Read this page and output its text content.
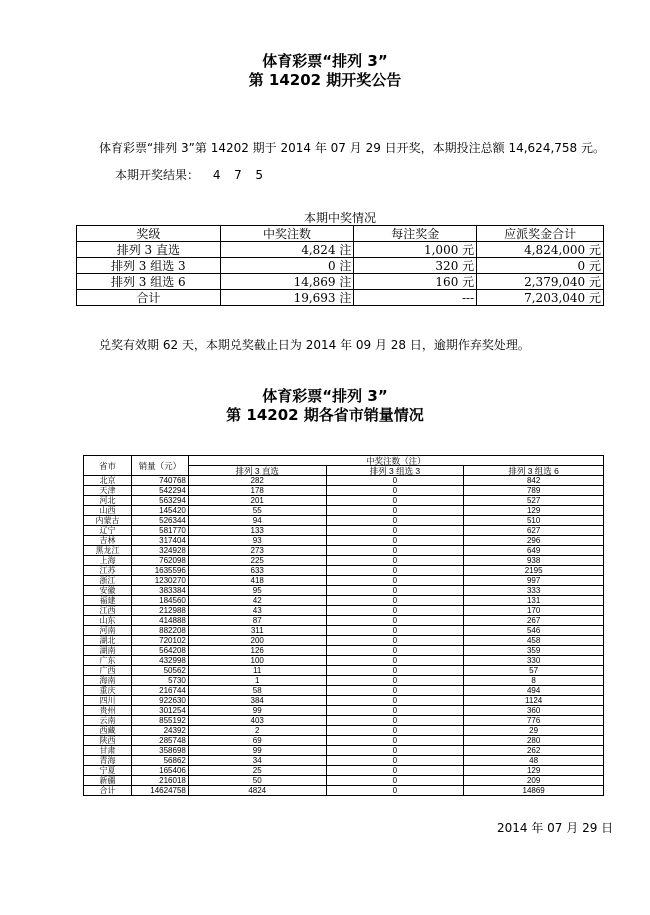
体育彩票“排列 3”
第 14202 期开奖公告
体育彩票“排列 3”第 14202 期于 2014 年 07 月 29 日开奖，本期投注总额 14,624,758 元。
本期开奖结果： 4  7  5
本期中奖情况
奖级	中奖注数	每注奖金	应派奖金合计
排列 3 直选	4,824 注	1,000 元	4,824,000 元
排列 3 组选 3	0 注	320 元	0 元
排列 3 组选 6	14,869 注	160 元	2,379,040 元
合计	19,693 注	---	7,203,040 元
兑奖有效期 62 天，本期兑奖截止日为 2014 年 09 月 28 日，逾期作弃奖处理。
体育彩票“排列 3”
第 14202 期各省市销量情况
省市	销量（元）	中奖注数（注）		
		排列 3 直选	排列 3 组选 3	排列 3 组选 6
北京	740768	282	0	842
天津	542294	178	0	789
河北	563294	201	0	527
山西	145420	55	0	129
内蒙古	526344	94	0	510
辽宁	581770	133	0	627
吉林	317404	93	0	296
黑龙江	324928	273	0	649
上海	762098	225	0	938
江苏	1635596	633	0	2195
浙江	1230270	418	0	997
安徽	383384	95	0	333
福建	184560	42	0	131
江西	212988	43	0	170
山东	414888	87	0	267
河南	882208	311	0	546
湖北	720102	200	0	458
湖南	564208	126	0	359
广东	432998	100	0	330
广西	50562	11	0	57
海南	5730	1	0	8
重庆	216744	58	0	494
四川	922630	384	0	1124
贵州	301254	99	0	360
云南	855192	403	0	776
西藏	24392	2	0	29
陕西	285748	69	0	280
甘肃	358698	99	0	262
青海	56862	34	0	48
宁夏	165406	25	0	129
新疆	216018	50	0	209
合计	14624758	4824	0	14869
2014 年 07 月 29 日
